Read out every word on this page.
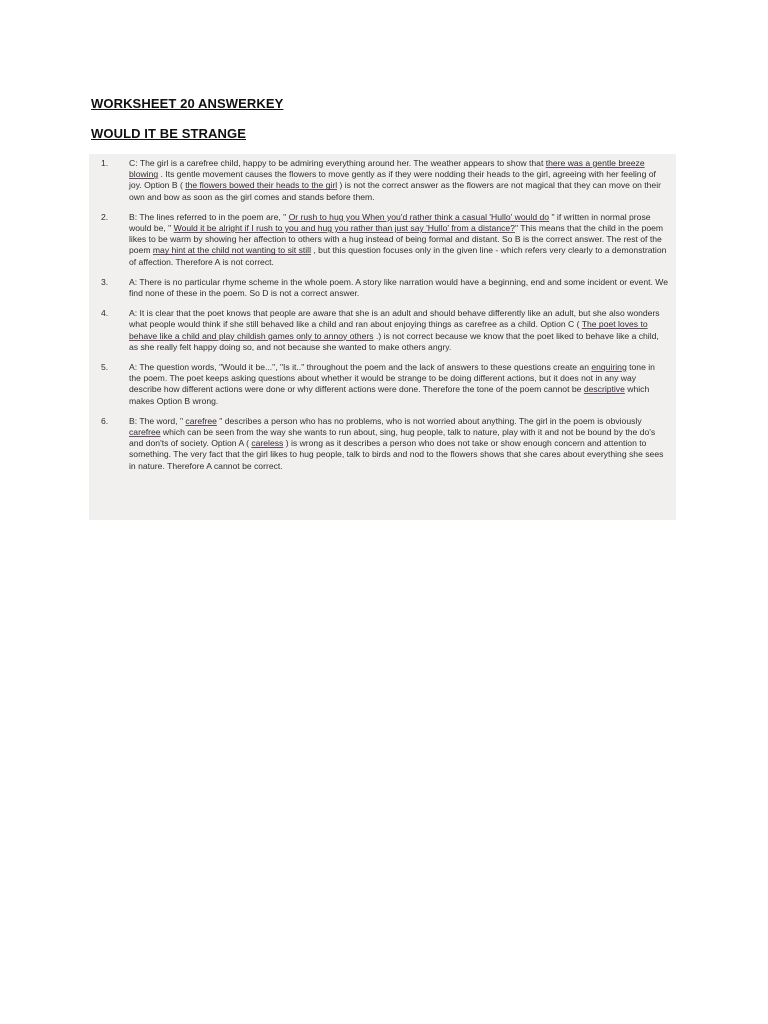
WORKSHEET 20 ANSWERKEY
WOULD IT BE STRANGE
1. C: The girl is a carefree child, happy to be admiring everything around her. The weather appears to show that there was a gentle breeze blowing . Its gentle movement causes the flowers to move gently as if they were nodding their heads to the girl, agreeing with her feeling of joy. Option B ( the flowers bowed their heads to the girl ) is not the correct answer as the flowers are not magical that they can move on their own and bow as soon as the girl comes and stands before them.

2. B: The lines referred to in the poem are, " Or rush to hug you When you'd rather think a casual 'Hullo' would do " if written in normal prose would be, " Would it be alright if I rush to you and hug you rather than just say 'Hullo' from a distance?" This means that the child in the poem likes to be warm by showing her affection to others with a hug instead of being formal and distant. So B is the correct answer. The rest of the poem may hint at the child not wanting to sit still , but this question focuses only in the given line - which refers very clearly to a demonstration of affection. Therefore A is not correct.

3. A: There is no particular rhyme scheme in the whole poem. A story like narration would have a beginning, end and some incident or event. We find none of these in the poem. So D is not a correct answer.

4. A: It is clear that the poet knows that people are aware that she is an adult and should behave differently like an adult, but she also wonders what people would think if she still behaved like a child and ran about enjoying things as carefree as a child. Option C ( The poet loves to behave like a child and play childish games only to annoy others .) is not correct because we know that the poet liked to behave like a child, as she really felt happy doing so, and not because she wanted to make others angry.

5. A: The question words, "Would it be...", "Is it.." throughout the poem and the lack of answers to these questions create an enquiring tone in the poem. The poet keeps asking questions about whether it would be strange to be doing different actions, but it does not in any way describe how different actions were done or why different actions were done. Therefore the tone of the poem cannot be descriptive which makes Option B wrong.

6. B: The word, " carefree " describes a person who has no problems, who is not worried about anything. The girl in the poem is obviously carefree which can be seen from the way she wants to run about, sing, hug people, talk to nature, play with it and not be bound by the do's and don'ts of society. Option A ( careless ) is wrong as it describes a person who does not take or show enough concern and attention to something. The very fact that the girl likes to hug people, talk to birds and nod to the flowers shows that she cares about everything she sees in nature. Therefore A cannot be correct.
